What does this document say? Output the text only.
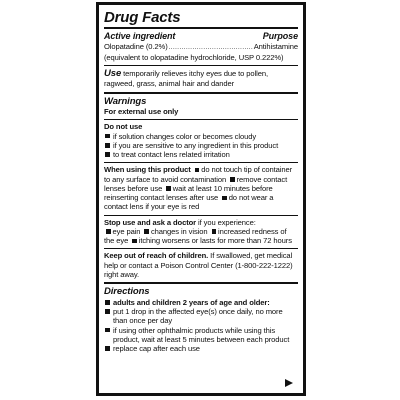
Drug Facts
Active ingredient	Purpose
Olopatadine (0.2%)
.....	Antihistamine
(equivalent to olopatadine hydrochloride, USP 0.222%)
Use temporarily relieves itchy eyes due to pollen, ragweed, grass, animal hair and dander
Warnings
For external use only
Do not use
if solution changes color or becomes cloudy
if you are sensitive to any ingredient in this product
to treat contact lens related irritation
When using this product do not touch tip of container to any surface to avoid contamination remove contact lenses before use wait at least 10 minutes before reinserting contact lenses after use do not wear a contact lens if your eye is red
Stop use and ask a doctor if you experience:
eye pain changes in vision increased redness of the eye itching worsens or lasts for more than 72 hours
Keep out of reach of children. If swallowed, get medical help or contact a Poison Control Center (1-800-222-1222) right away.
Directions
adults and children 2 years of age and older:
put 1 drop in the affected eye(s) once daily, no more than once per day
if using other ophthalmic products while using this product, wait at least 5 minutes between each product
replace cap after each use
